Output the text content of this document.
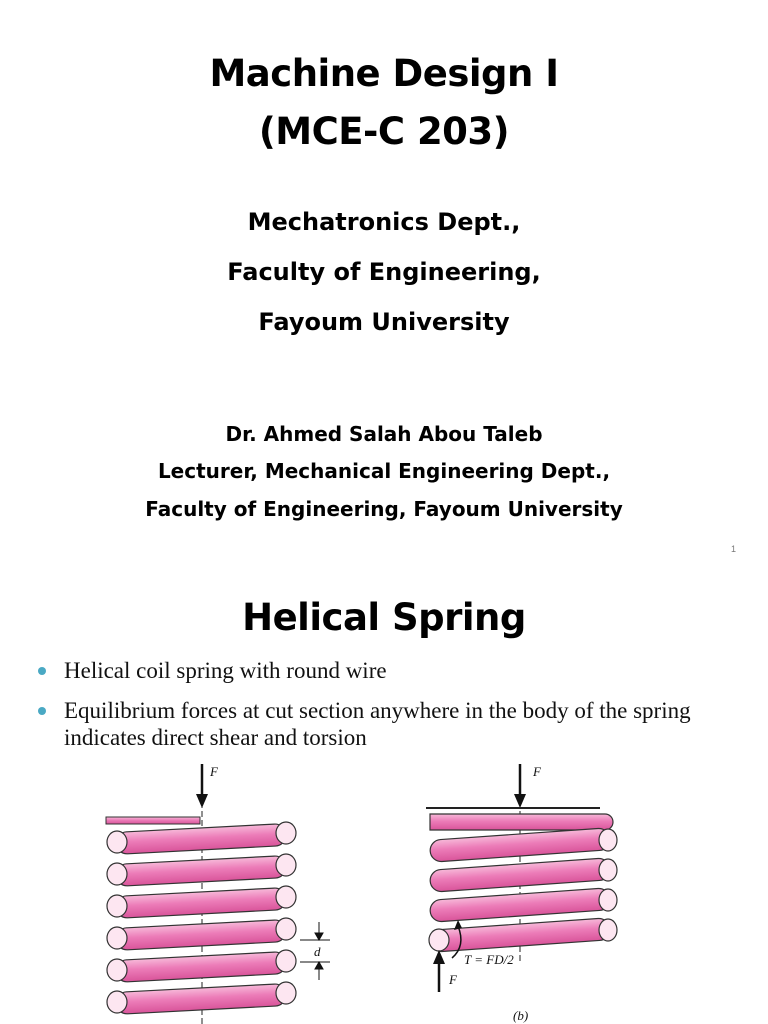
Machine Design I
(MCE-C 203)
Mechatronics Dept.,
Faculty of Engineering,
Fayoum University
Dr. Ahmed Salah Abou Taleb
Lecturer, Mechanical Engineering Dept.,
Faculty of Engineering, Fayoum University
1
Helical Spring
Helical coil spring with round wire
Equilibrium forces at cut section anywhere in the body of the spring indicates direct shear and torsion
F
d
F
T = FD/2
F
(b)
